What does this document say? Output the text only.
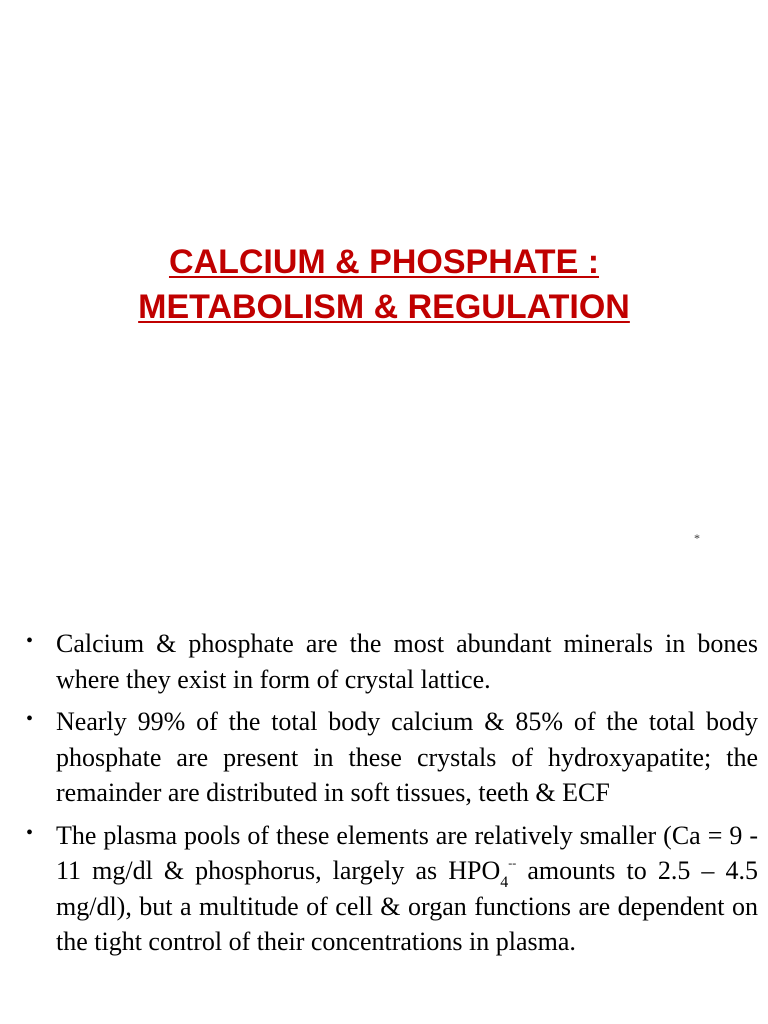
CALCIUM & PHOSPHATE :
METABOLISM & REGULATION
*
• Calcium & phosphate are the most abundant minerals in bones where they exist in form of crystal lattice.
• Nearly 99% of the total body calcium & 85% of the total body phosphate are present in these crystals of hydroxyapatite; the remainder are distributed in soft tissues, teeth & ECF
• The plasma pools of these elements are relatively smaller (Ca = 9 - 11 mg/dl & phosphorus, largely as $HPO_4^{--}$ amounts to 2.5 – 4.5 mg/dl), but a multitude of cell & organ functions are dependent on the tight control of their concentrations in plasma.
